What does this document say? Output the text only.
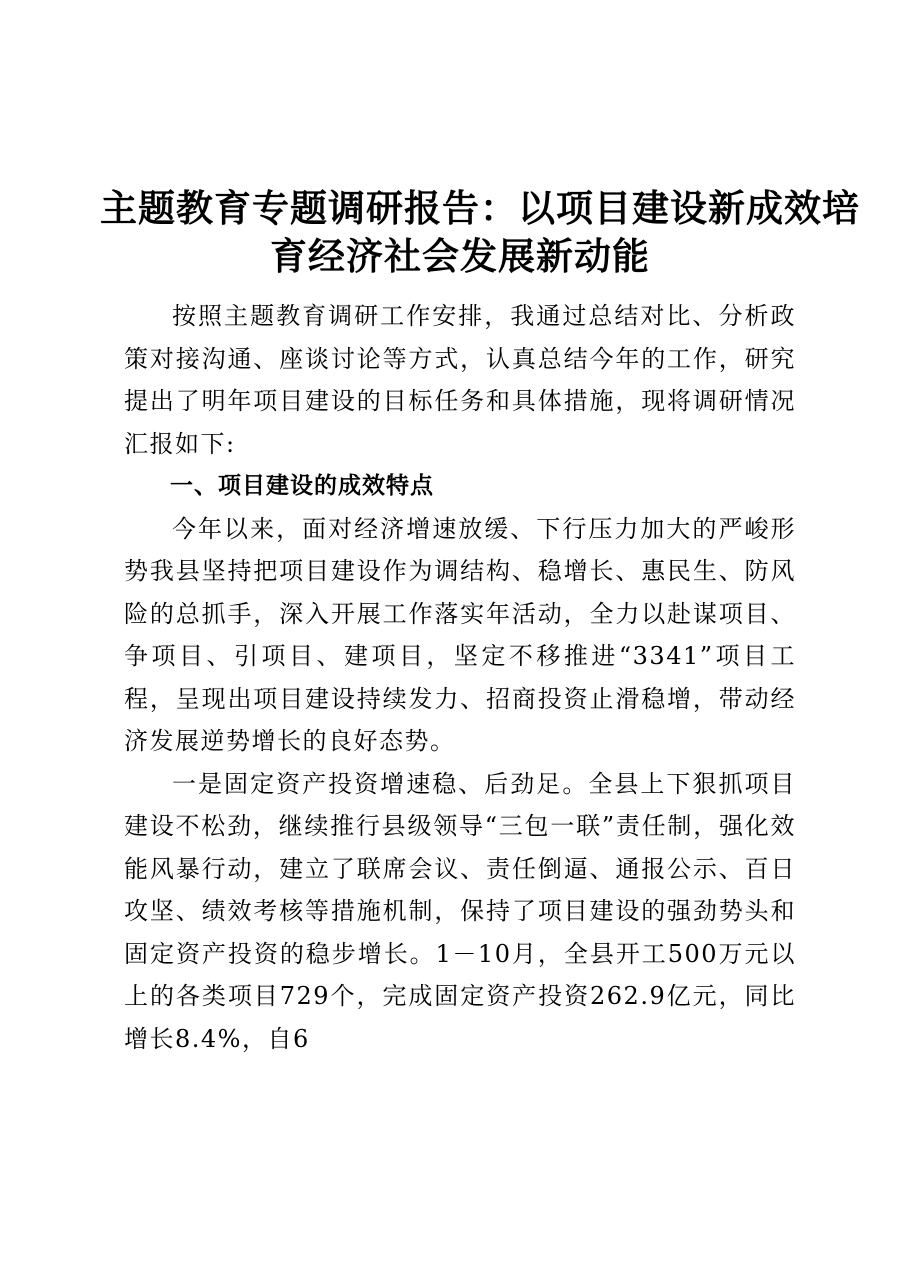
主题教育专题调研报告：以项目建设新成效培
育经济社会发展新动能

按照主题教育调研工作安排，我通过总结对比、分析政策对接沟通、座谈讨论等方式，认真总结今年的工作，研究提出了明年项目建设的目标任务和具体措施，现将调研情况汇报如下:

一、项目建设的成效特点

今年以来，面对经济增速放缓、下行压力加大的严峻形势我县坚持把项目建设作为调结构、稳增长、惠民生、防风险的总抓手，深入开展工作落实年活动，全力以赴谋项目、争项目、引项目、建项目，坚定不移推进“3341”项目工程，呈现出项目建设持续发力、招商投资止滑稳增，带动经济发展逆势增长的良好态势。

一是固定资产投资增速稳、后劲足。全县上下狠抓项目建设不松劲，继续推行县级领导“三包一联”责任制，强化效能风暴行动，建立了联席会议、责任倒逼、通报公示、百日攻坚、绩效考核等措施机制，保持了项目建设的强劲势头和固定资产投资的稳步增长。1－10月，全县开工500万元以上的各类项目729个，完成固定资产投资262.9亿元，同比增长8.4%，自6
